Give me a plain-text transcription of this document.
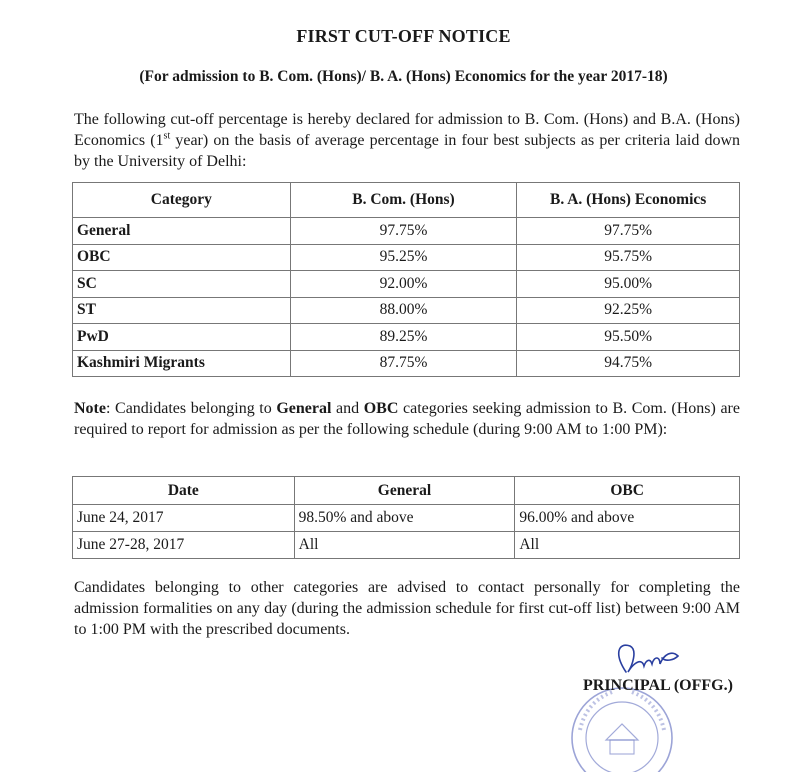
FIRST CUT-OFF NOTICE
(For admission to B. Com. (Hons)/ B. A. (Hons) Economics for the year 2017-18)
The following cut-off percentage is hereby declared for admission to B. Com. (Hons) and B.A. (Hons) Economics (1st year) on the basis of average percentage in four best subjects as per criteria laid down by the University of Delhi:
Category	B. Com. (Hons)	B. A. (Hons) Economics
General	97.75%	97.75%
OBC	95.25%	95.75%
SC	92.00%	95.00%
ST	88.00%	92.25%
PwD	89.25%	95.50%
Kashmiri Migrants	87.75%	94.75%
Note: Candidates belonging to General and OBC categories seeking admission to B. Com. (Hons) are required to report for admission as per the following schedule (during 9:00 AM to 1:00 PM):
Date	General	OBC
June 24, 2017	98.50% and above	96.00% and above
June 27-28, 2017	All	All
Candidates belonging to other categories are advised to contact personally for completing the admission formalities on any day (during the admission schedule for first cut-off list) between 9:00 AM to 1:00 PM with the prescribed documents.
PRINCIPAL (OFFG.)
